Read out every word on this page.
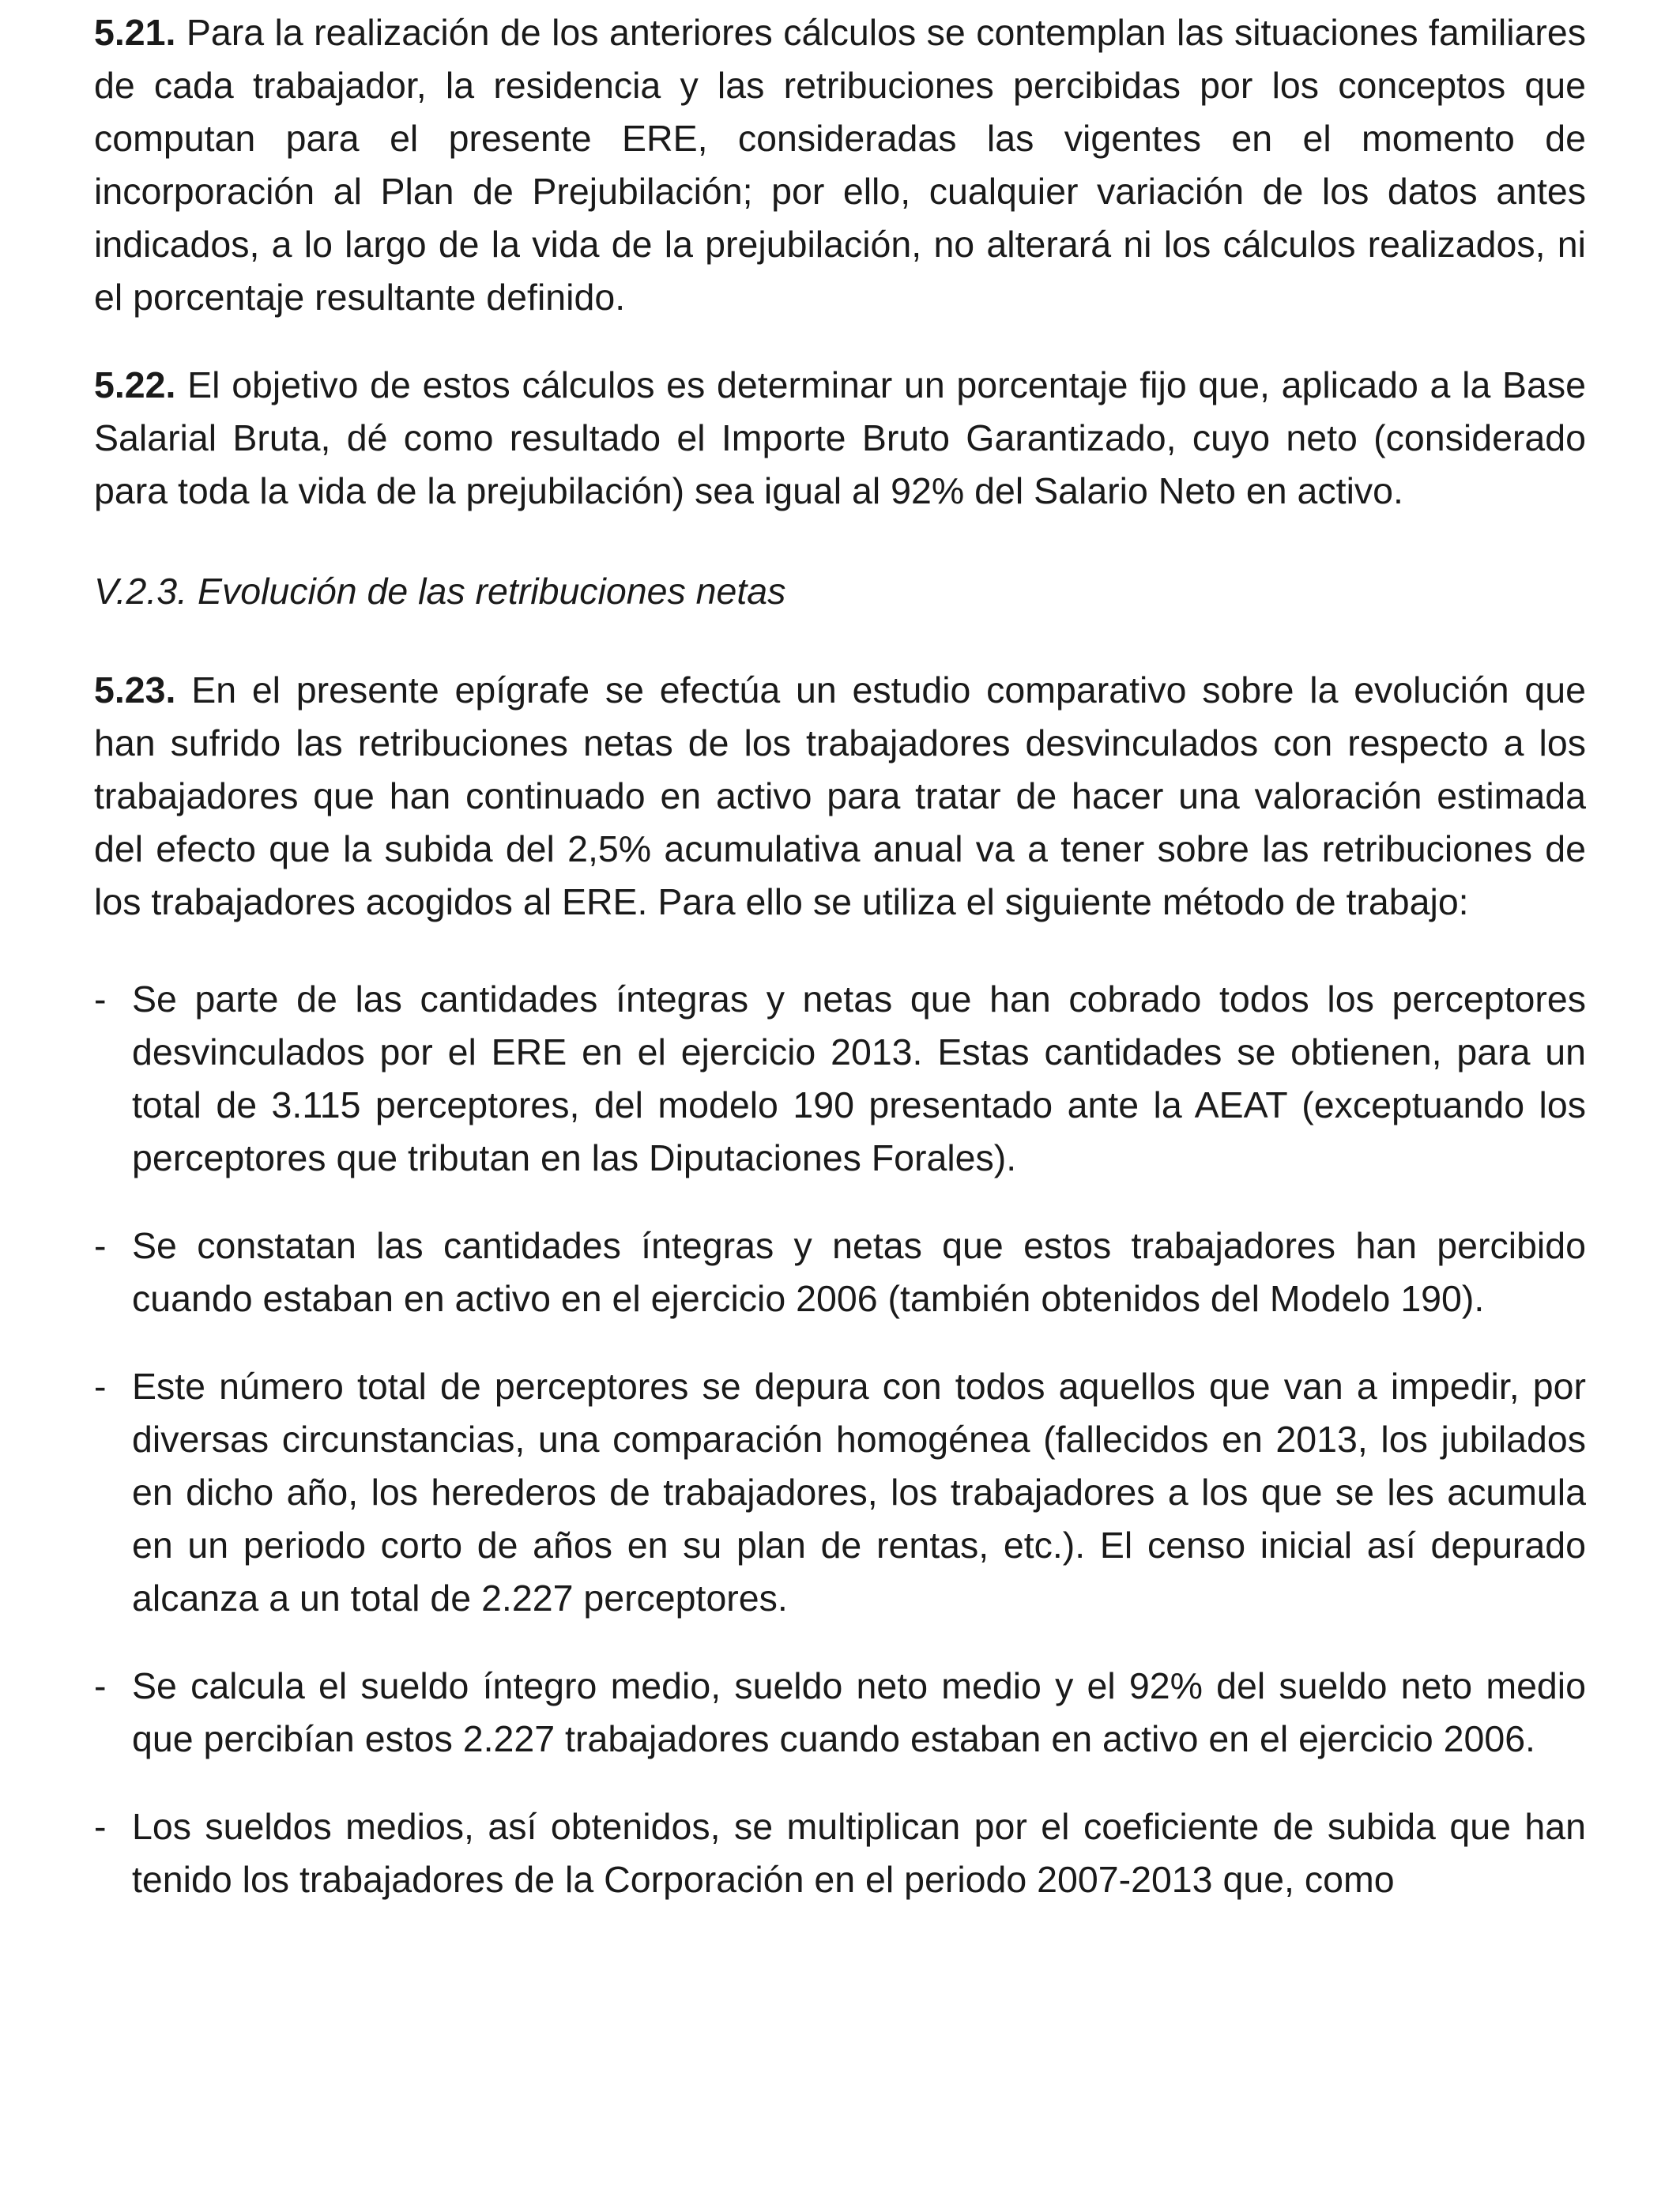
5.21. Para la realización de los anteriores cálculos se contemplan las situaciones familiares de cada trabajador, la residencia y las retribuciones percibidas por los conceptos que computan para el presente ERE, consideradas las vigentes en el momento de incorporación al Plan de Prejubilación; por ello, cualquier variación de los datos antes indicados, a lo largo de la vida de la prejubilación, no alterará ni los cálculos realizados, ni el porcentaje resultante definido.

5.22. El objetivo de estos cálculos es determinar un porcentaje fijo que, aplicado a la Base Salarial Bruta, dé como resultado el Importe Bruto Garantizado, cuyo neto (considerado para toda la vida de la prejubilación) sea igual al 92% del Salario Neto en activo.

V.2.3. Evolución de las retribuciones netas

5.23. En el presente epígrafe se efectúa un estudio comparativo sobre la evolución que han sufrido las retribuciones netas de los trabajadores desvinculados con respecto a los trabajadores que han continuado en activo para tratar de hacer una valoración estimada del efecto que la subida del 2,5% acumulativa anual va a tener sobre las retribuciones de los trabajadores acogidos al ERE. Para ello se utiliza el siguiente método de trabajo:

- Se parte de las cantidades íntegras y netas que han cobrado todos los perceptores desvinculados por el ERE en el ejercicio 2013. Estas cantidades se obtienen, para un total de 3.115 perceptores, del modelo 190 presentado ante la AEAT (exceptuando los perceptores que tributan en las Diputaciones Forales).

- Se constatan las cantidades íntegras y netas que estos trabajadores han percibido cuando estaban en activo en el ejercicio 2006 (también obtenidos del Modelo 190).

- Este número total de perceptores se depura con todos aquellos que van a impedir, por diversas circunstancias, una comparación homogénea (fallecidos en 2013, los jubilados en dicho año, los herederos de trabajadores, los trabajadores a los que se les acumula en un periodo corto de años en su plan de rentas, etc.). El censo inicial así depurado alcanza a un total de 2.227 perceptores.

- Se calcula el sueldo íntegro medio, sueldo neto medio y el 92% del sueldo neto medio que percibían estos 2.227 trabajadores cuando estaban en activo en el ejercicio 2006.

- Los sueldos medios, así obtenidos, se multiplican por el coeficiente de subida que han tenido los trabajadores de la Corporación en el periodo 2007-2013 que, como
